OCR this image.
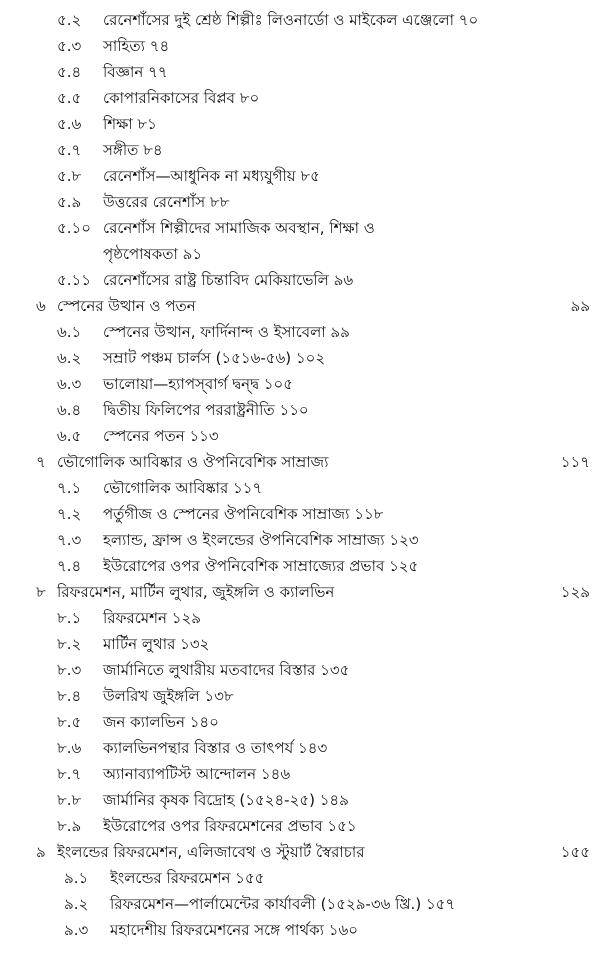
৫.২ রেনেশাঁসের দুই শ্রেষ্ঠ শিল্পীঃ লিওনার্ডো ও মাইকেল এঞ্জেলো ৭০
৫.৩ সাহিত্য ৭৪
৫.৪ বিজ্ঞান ৭৭
৫.৫ কোপারনিকাসের বিপ্লব ৮০
৫.৬ শিক্ষা ৮১
৫.৭ সঙ্গীত ৮৪
৫.৮ রেনেশাঁস—আধুনিক না মধ্যযুগীয় ৮৫
৫.৯ উত্তরের রেনেশাঁস ৮৮
৫.১০ রেনেশাঁস শিল্পীদের সামাজিক অবস্থান, শিক্ষা ও
পৃষ্ঠপোষকতা ৯১
৫.১১ রেনেশাঁসের রাষ্ট্র চিন্তাবিদ মেকিয়াভেলি ৯৬
৬ স্পেনের উত্থান ও পতন	৯৯
৬.১ স্পেনের উত্থান, ফার্দিনান্দ ও ইসাবেলা ৯৯
৬.২ সম্রাট পঞ্চম চার্লস (১৫১৬-৫৬) ১০২
৬.৩ ভালোয়া—হ্যাপস্‌বার্গ দ্বন্দ্ব ১০৫
৬.৪ দ্বিতীয় ফিলিপের পররাষ্ট্রনীতি ১১০
৬.৫ স্পেনের পতন ১১৩
৭ ভৌগোলিক আবিষ্কার ও ঔপনিবেশিক সাম্রাজ্য	১১৭
৭.১ ভৌগোলিক আবিষ্কার ১১৭
৭.২ পর্তুগীজ ও স্পেনের ঔপনিবেশিক সাম্রাজ্য ১১৮
৭.৩ হল্যান্ড, ফ্রান্স ও ইংলন্ডের ঔপনিবেশিক সাম্রাজ্য ১২৩
৭.৪ ইউরোপের ওপর ঔপনিবেশিক সাম্রাজ্যের প্রভাব ১২৫
৮ রিফরমেশন, মার্টিন লুথার, জুইঙ্গলি ও ক্যালভিন	১২৯
৮.১ রিফরমেশন ১২৯
৮.২ মার্টিন লুথার ১৩২
৮.৩ জার্মানিতে লুথারীয় মতবাদের বিস্তার ১৩৫
৮.৪ উলরিখ জুইঙ্গলি ১৩৮
৮.৫ জন ক্যালভিন ১৪০
৮.৬ ক্যালভিনপন্থার বিস্তার ও তাৎপর্য ১৪৩
৮.৭ অ্যানাব্যাপটিস্ট আন্দোলন ১৪৬
৮.৮ জার্মানির কৃষক বিদ্রোহ (১৫২৪-২৫) ১৪৯
৮.৯ ইউরোপের ওপর রিফরমেশনের প্রভাব ১৫১
৯ ইংলন্ডের রিফরমেশন, এলিজাবেথ ও স্টুয়ার্ট স্বৈরাচার	১৫৫
৯.১ ইংলন্ডের রিফরমেশন ১৫৫
৯.২ রিফরমেশন—পার্লামেন্টের কার্যাবলী (১৫২৯-৩৬ খ্রি.) ১৫৭
৯.৩ মহাদেশীয় রিফরমেশনের সঙ্গে পার্থক্য ১৬০
